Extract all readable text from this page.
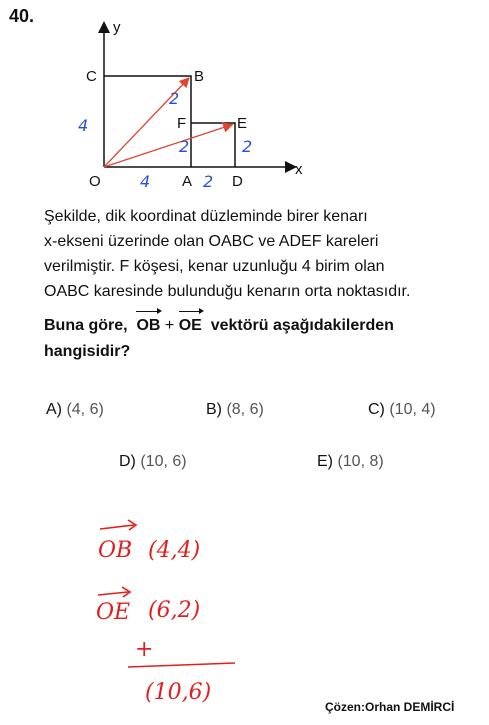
40.
y
x
C	B
F	E
O	A	D
4
4	2
2
2
2

Şekilde, dik koordinat düzleminde birer kenarı

x-ekseni üzerinde olan OABC ve ADEF kareleri

verilmiştir. F köşesi, kenar uzunluğu 4 birim olan

OABC karesinde bulunduğu kenarın orta noktasıdır.

Buna göre, OB + OE vektörü aşağıdakilerden

hangisidir?

A) (4, 6)	B) (8, 6)	C) (10, 4)
D) (10, 6)	E) (10, 8)
OB (4,4)
OE (6,2)
+
(10,6)
Çözen:Orhan DEMİRCİ
